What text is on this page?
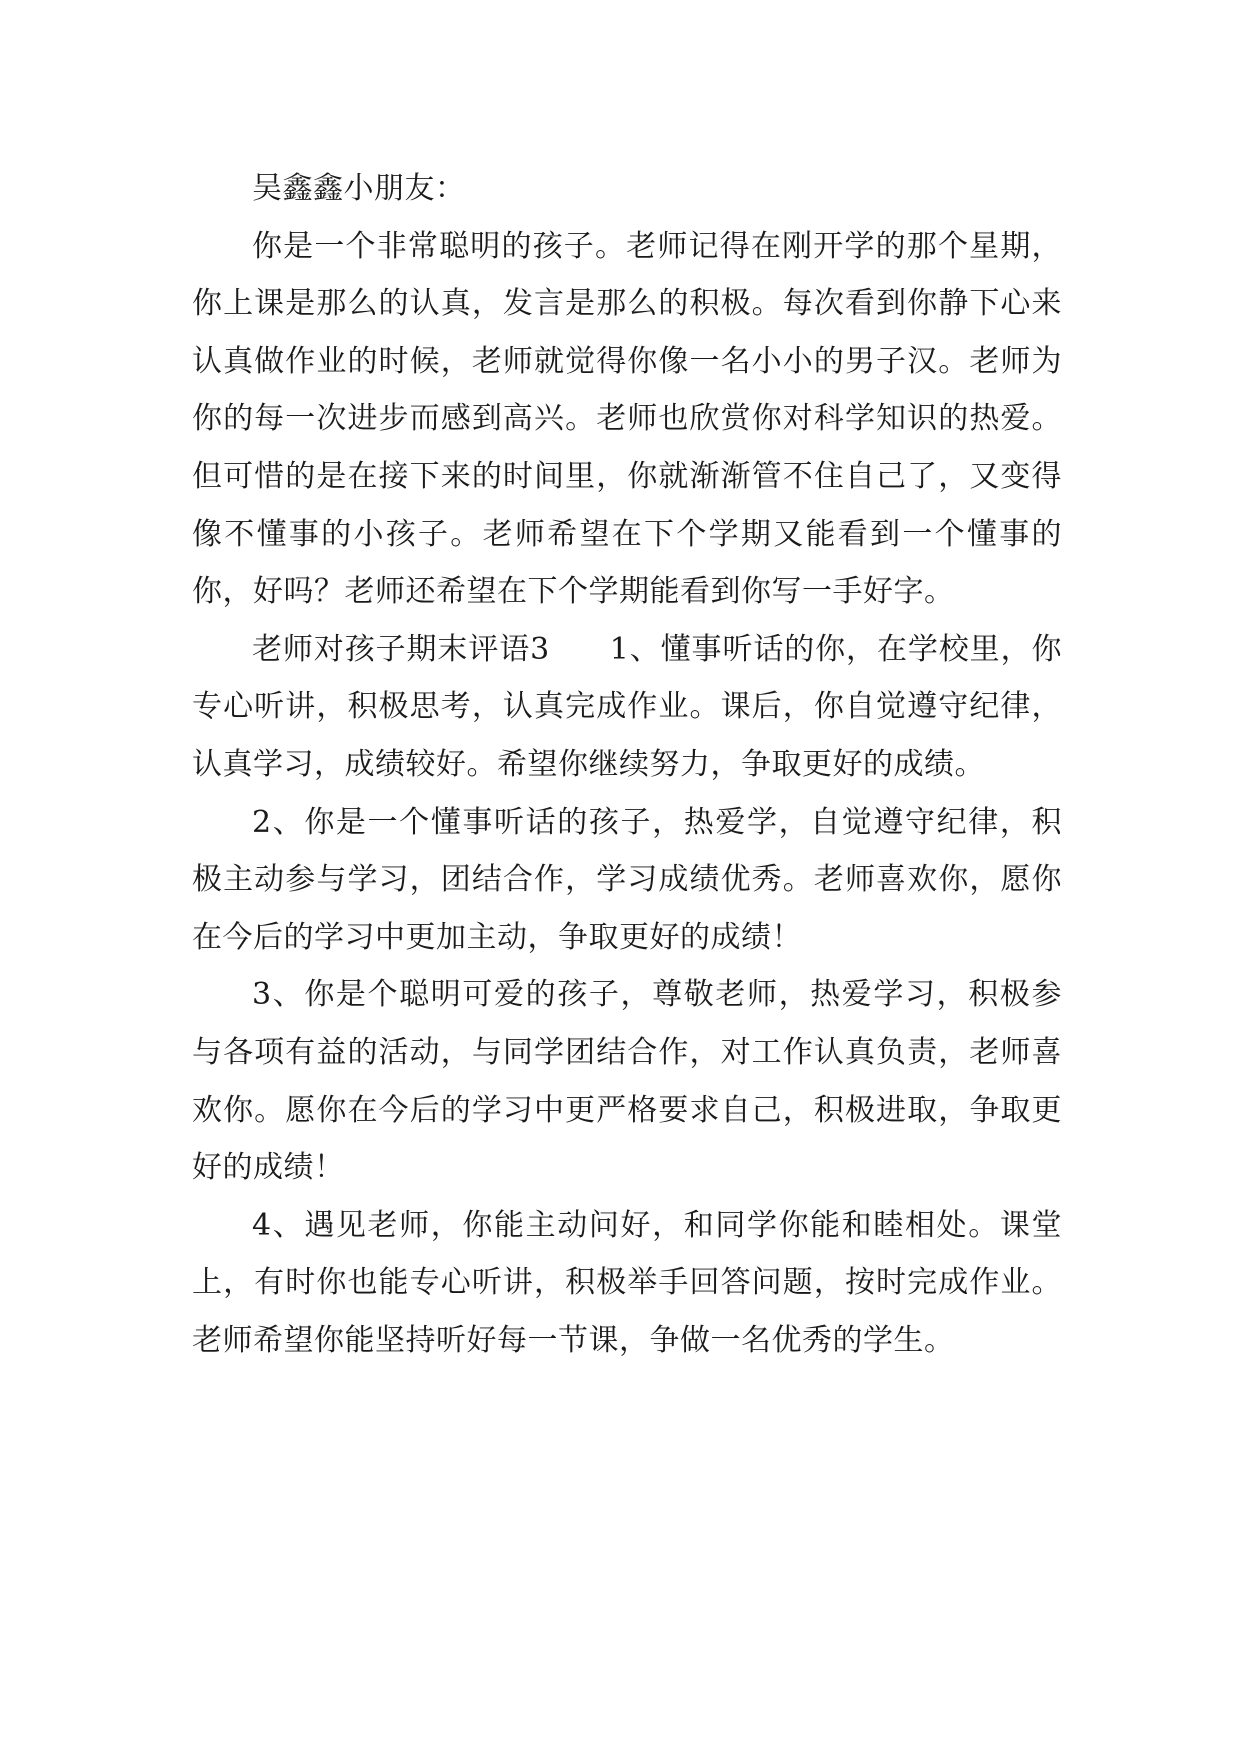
吴鑫鑫小朋友：

你是一个非常聪明的孩子。老师记得在刚开学的那个星期，你上课是那么的认真，发言是那么的积极。每次看到你静下心来认真做作业的时候，老师就觉得你像一名小小的男子汉。老师为你的每一次进步而感到高兴。老师也欣赏你对科学知识的热爱。但可惜的是在接下来的时间里，你就渐渐管不住自己了，又变得像不懂事的小孩子。老师希望在下个学期又能看到一个懂事的你，好吗？老师还希望在下个学期能看到你写一手好字。

老师对孩子期末评语3 1、懂事听话的你，在学校里，你专心听讲，积极思考，认真完成作业。课后，你自觉遵守纪律，认真学习，成绩较好。希望你继续努力，争取更好的成绩。

2、你是一个懂事听话的孩子，热爱学，自觉遵守纪律，积极主动参与学习，团结合作，学习成绩优秀。老师喜欢你，愿你在今后的学习中更加主动，争取更好的成绩！

3、你是个聪明可爱的孩子，尊敬老师，热爱学习，积极参与各项有益的活动，与同学团结合作，对工作认真负责，老师喜欢你。愿你在今后的学习中更严格要求自己，积极进取，争取更好的成绩！

4、遇见老师，你能主动问好，和同学你能和睦相处。课堂上，有时你也能专心听讲，积极举手回答问题，按时完成作业。老师希望你能坚持听好每一节课，争做一名优秀的学生。
